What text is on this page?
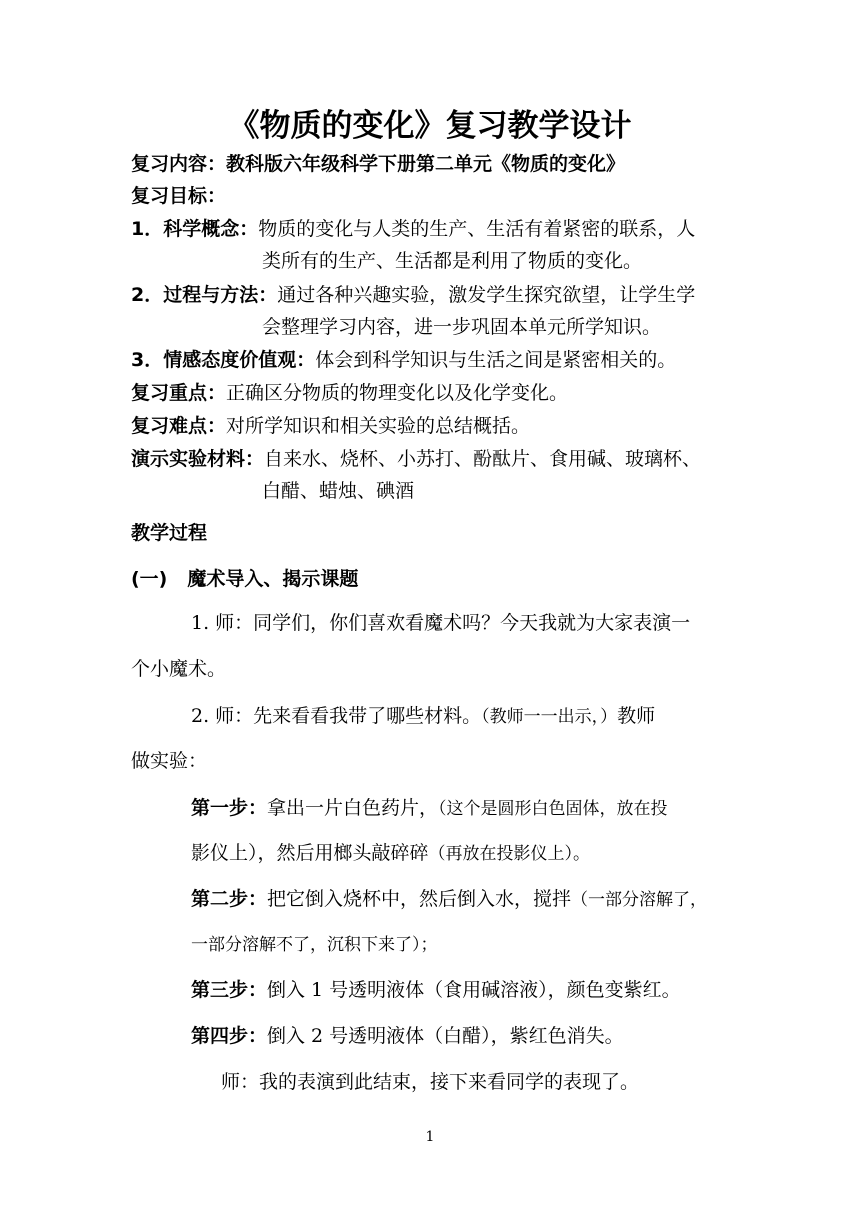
《物质的变化》复习教学设计
复习内容：教科版六年级科学下册第二单元《物质的变化》
复习目标：
1．科学概念：物质的变化与人类的生产、生活有着紧密的联系，人
类所有的生产、生活都是利用了物质的变化。
2．过程与方法：通过各种兴趣实验，激发学生探究欲望，让学生学
会整理学习内容，进一步巩固本单元所学知识。
3．情感态度价值观：体会到科学知识与生活之间是紧密相关的。
复习重点：正确区分物质的物理变化以及化学变化。
复习难点：对所学知识和相关实验的总结概括。
演示实验材料：自来水、烧杯、小苏打、酚酞片、食用碱、玻璃杯、
白醋、蜡烛、碘酒
教学过程
(一) 魔术导入、揭示课题
1. 师：同学们，你们喜欢看魔术吗？今天我就为大家表演一
个小魔术。
2. 师：先来看看我带了哪些材料。（教师一一出示，）教师
做实验：
第一步：拿出一片白色药片，（这个是圆形白色固体，放在投
影仪上），然后用榔头敲碎碎（再放在投影仪上）。
第二步：把它倒入烧杯中，然后倒入水，搅拌（一部分溶解了，
一部分溶解不了，沉积下来了）；
第三步：倒入 1 号透明液体（食用碱溶液），颜色变紫红。
第四步：倒入 2 号透明液体（白醋），紫红色消失。
师：我的表演到此结束，接下来看同学的表现了。
1
